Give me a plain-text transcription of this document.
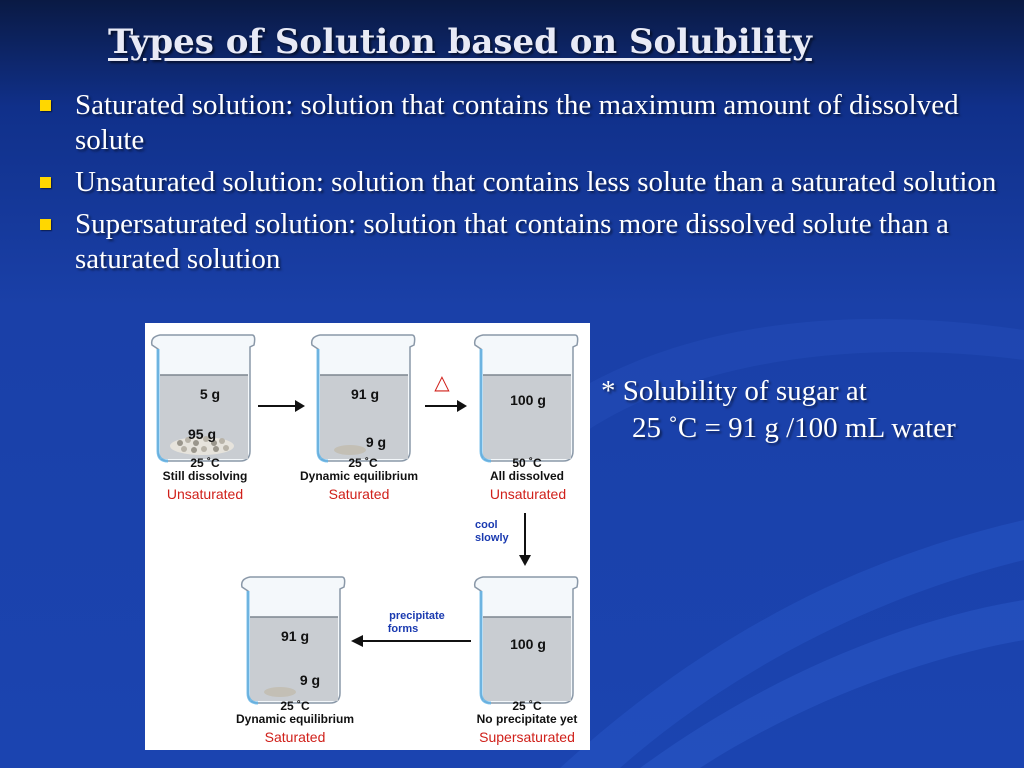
Types of Solution based on Solubility
Saturated solution: solution that contains the maximum amount of dissolved solute
Unsaturated solution: solution that contains less solute than a saturated solution
Supersaturated solution: solution that contains more dissolved solute than a saturated solution
5 g
95 g
25 ˚C
Still dissolving
Unsaturated
91 g
9 g
25 ˚C
Dynamic equilibrium
Saturated
△
100 g
50 ˚C
All dissolved
Unsaturated
cool
slowly
100 g
25 ˚C
No precipitate yet
Supersaturated
precipitate
forms
91 g
9 g
25 ˚C
Dynamic equilibrium
Saturated

* Solubility of sugar at
25 ˚C = 91 g /100 mL water
